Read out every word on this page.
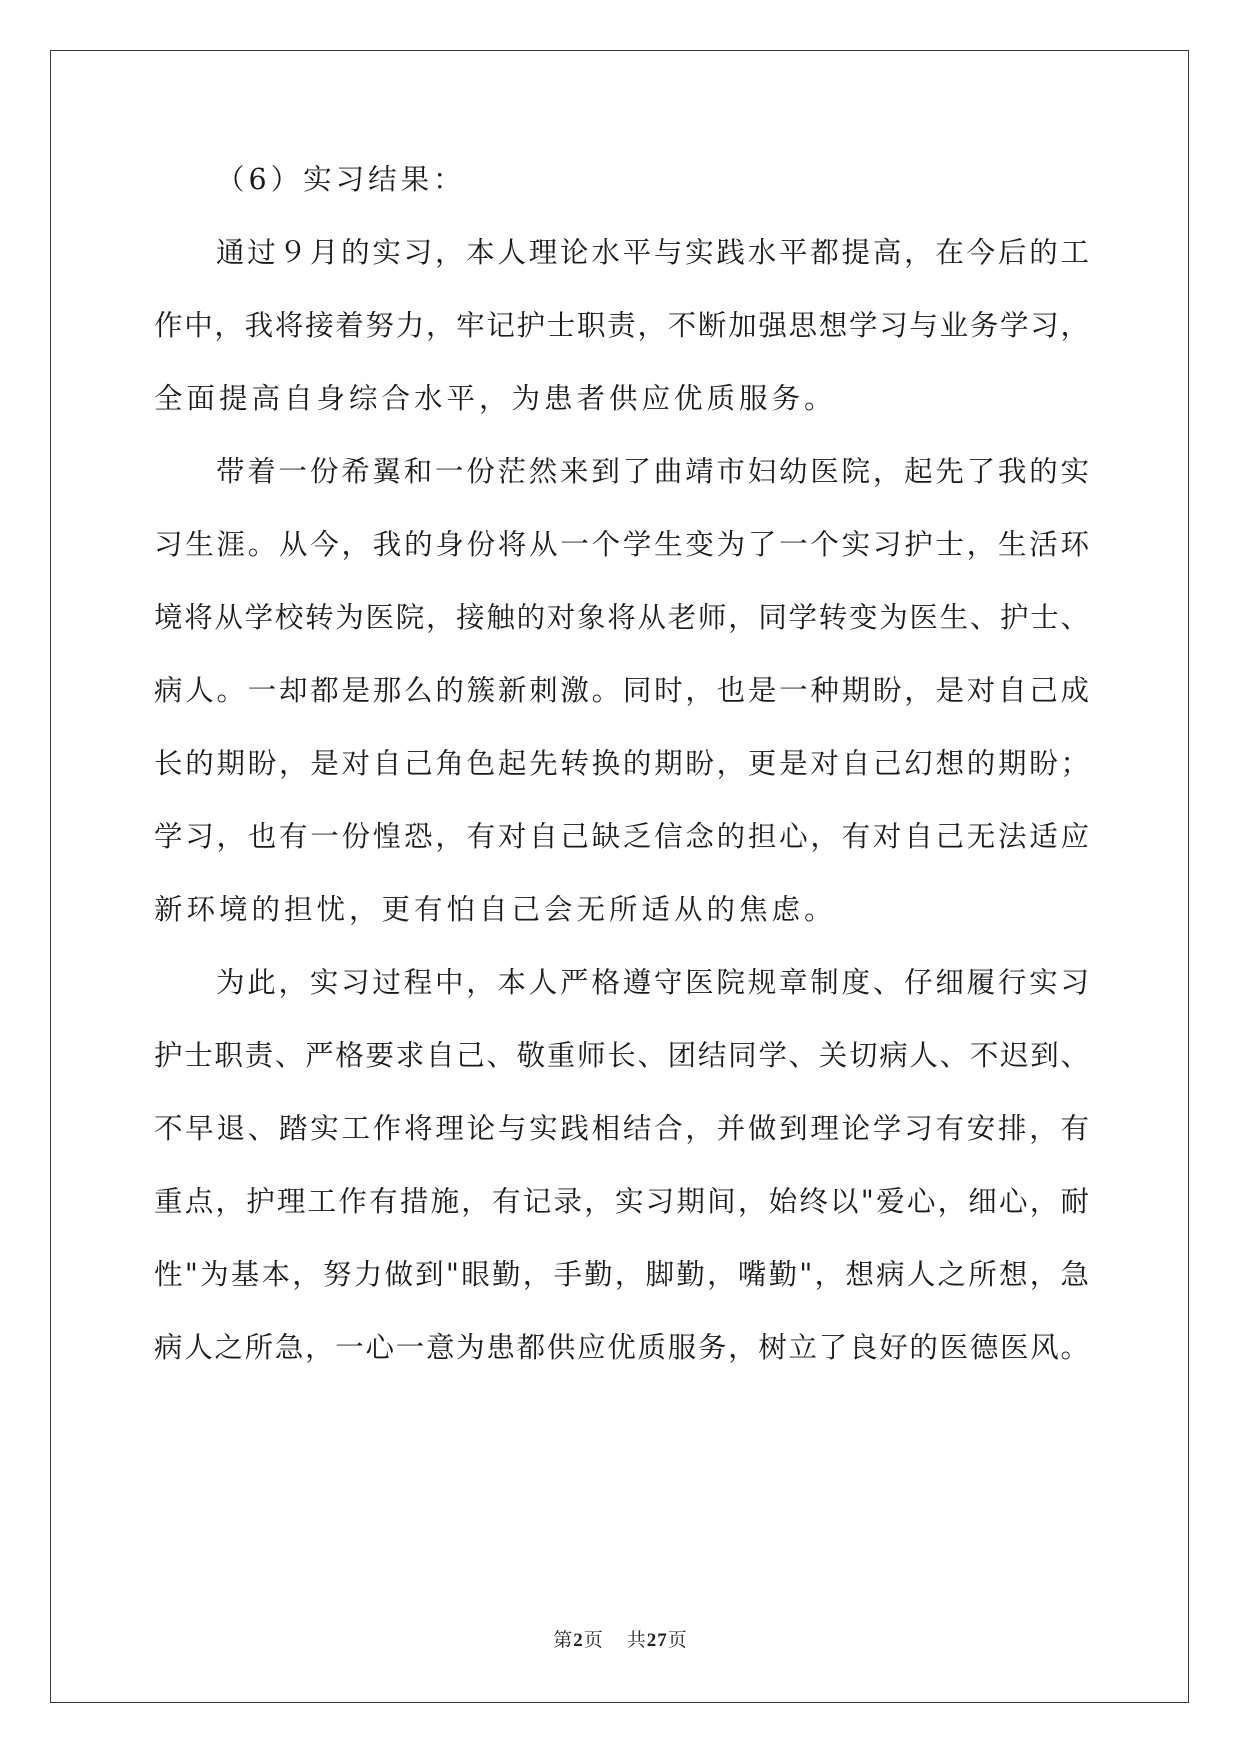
（6）实习结果：
通过９月的实习，本人理论水平与实践水平都提高，在今后的工
作中，我将接着努力，牢记护士职责，不断加强思想学习与业务学习，
全面提高自身综合水平，为患者供应优质服务。
带着一份希翼和一份茫然来到了曲靖市妇幼医院，起先了我的实
习生涯。从今，我的身份将从一个学生变为了一个实习护士，生活环
境将从学校转为医院，接触的对象将从老师，同学转变为医生、护士、
病人。一却都是那么的簇新刺激。同时，也是一种期盼，是对自己成
长的期盼，是对自己角色起先转换的期盼，更是对自己幻想的期盼；
学习，也有一份惶恐，有对自己缺乏信念的担心，有对自己无法适应
新环境的担忧，更有怕自己会无所适从的焦虑。
为此，实习过程中，本人严格遵守医院规章制度、仔细履行实习
护士职责、严格要求自己、敬重师长、团结同学、关切病人、不迟到、
不早退、踏实工作将理论与实践相结合，并做到理论学习有安排，有
重点，护理工作有措施，有记录，实习期间，始终以"爱心，细心，耐
性"为基本，努力做到"眼勤，手勤，脚勤，嘴勤"，想病人之所想，急
病人之所急，一心一意为患都供应优质服务，树立了良好的医德医风。
第2页 共27页
